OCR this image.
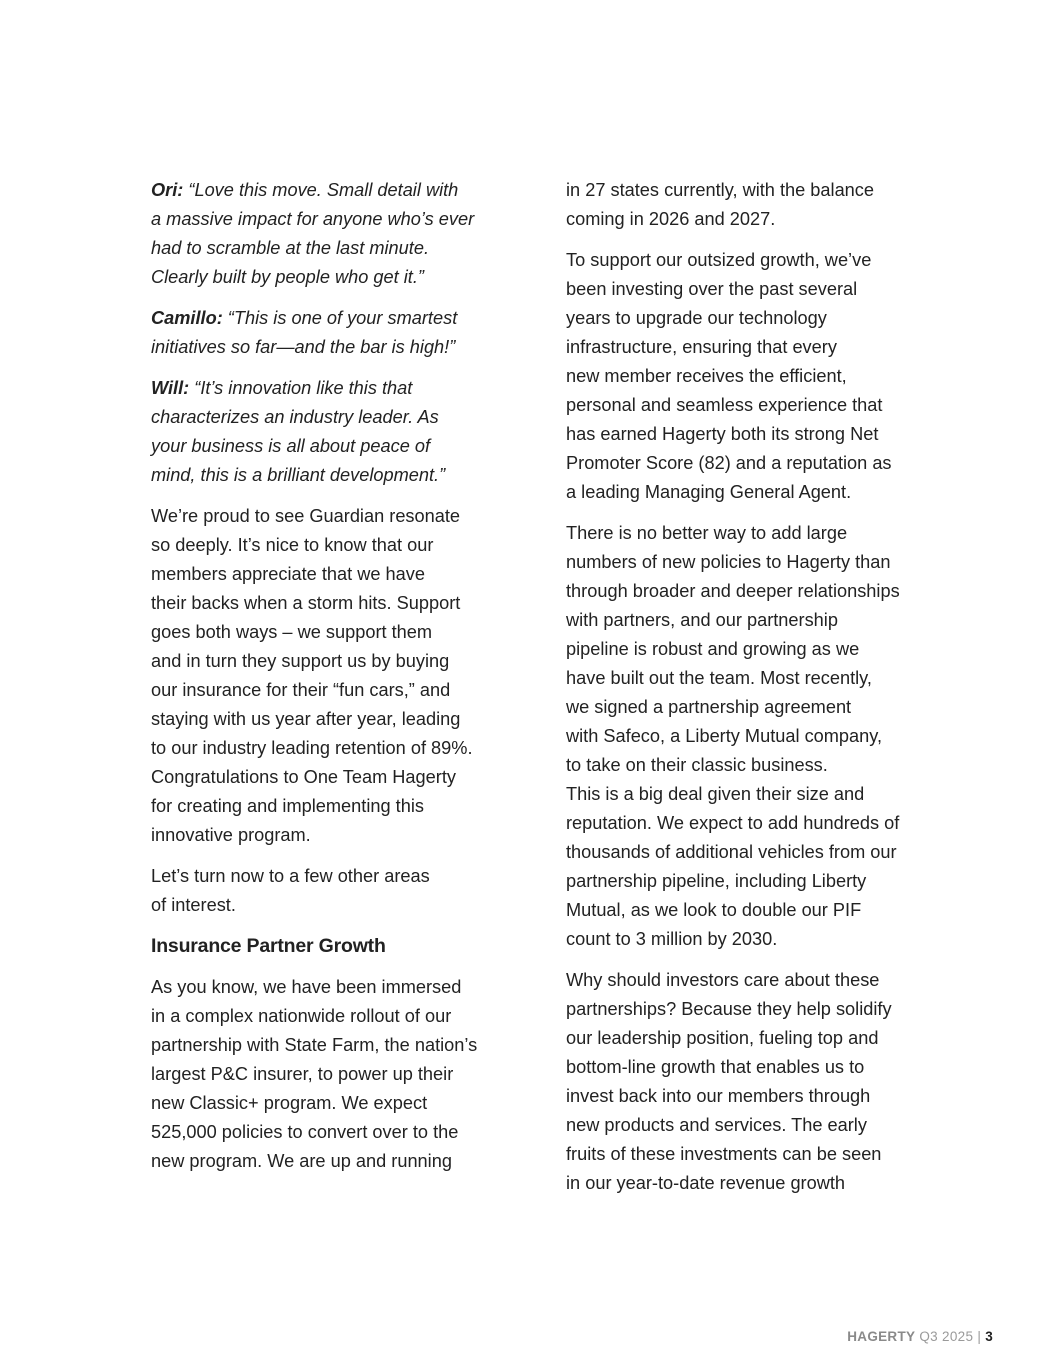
Ori: “Love this move. Small detail with
a massive impact for anyone who’s ever
had to scramble at the last minute.
Clearly built by people who get it.”
Camillo: “This is one of your smartest
initiatives so far—and the bar is high!”
Will: “It’s innovation like this that
characterizes an industry leader. As
your business is all about peace of
mind, this is a brilliant development.”
We’re proud to see Guardian resonate
so deeply. It’s nice to know that our
members appreciate that we have
their backs when a storm hits. Support
goes both ways – we support them
and in turn they support us by buying
our insurance for their “fun cars,” and
staying with us year after year, leading
to our industry leading retention of 89%.
Congratulations to One Team Hagerty
for creating and implementing this
innovative program.
Let’s turn now to a few other areas
of interest.
Insurance Partner Growth
As you know, we have been immersed
in a complex nationwide rollout of our
partnership with State Farm, the nation’s
largest P&C insurer, to power up their
new Classic+ program. We expect
525,000 policies to convert over to the
new program. We are up and running
in 27 states currently, with the balance
coming in 2026 and 2027.
To support our outsized growth, we’ve
been investing over the past several
years to upgrade our technology
infrastructure, ensuring that every
new member receives the efficient,
personal and seamless experience that
has earned Hagerty both its strong Net
Promoter Score (82) and a reputation as
a leading Managing General Agent.
There is no better way to add large
numbers of new policies to Hagerty than
through broader and deeper relationships
with partners, and our partnership
pipeline is robust and growing as we
have built out the team. Most recently,
we signed a partnership agreement
with Safeco, a Liberty Mutual company,
to take on their classic business.
This is a big deal given their size and
reputation. We expect to add hundreds of
thousands of additional vehicles from our
partnership pipeline, including Liberty
Mutual, as we look to double our PIF
count to 3 million by 2030.
Why should investors care about these
partnerships? Because they help solidify
our leadership position, fueling top and
bottom-line growth that enables us to
invest back into our members through
new products and services. The early
fruits of these investments can be seen
in our year-to-date revenue growth
HAGERTY Q3 2025 | 3
